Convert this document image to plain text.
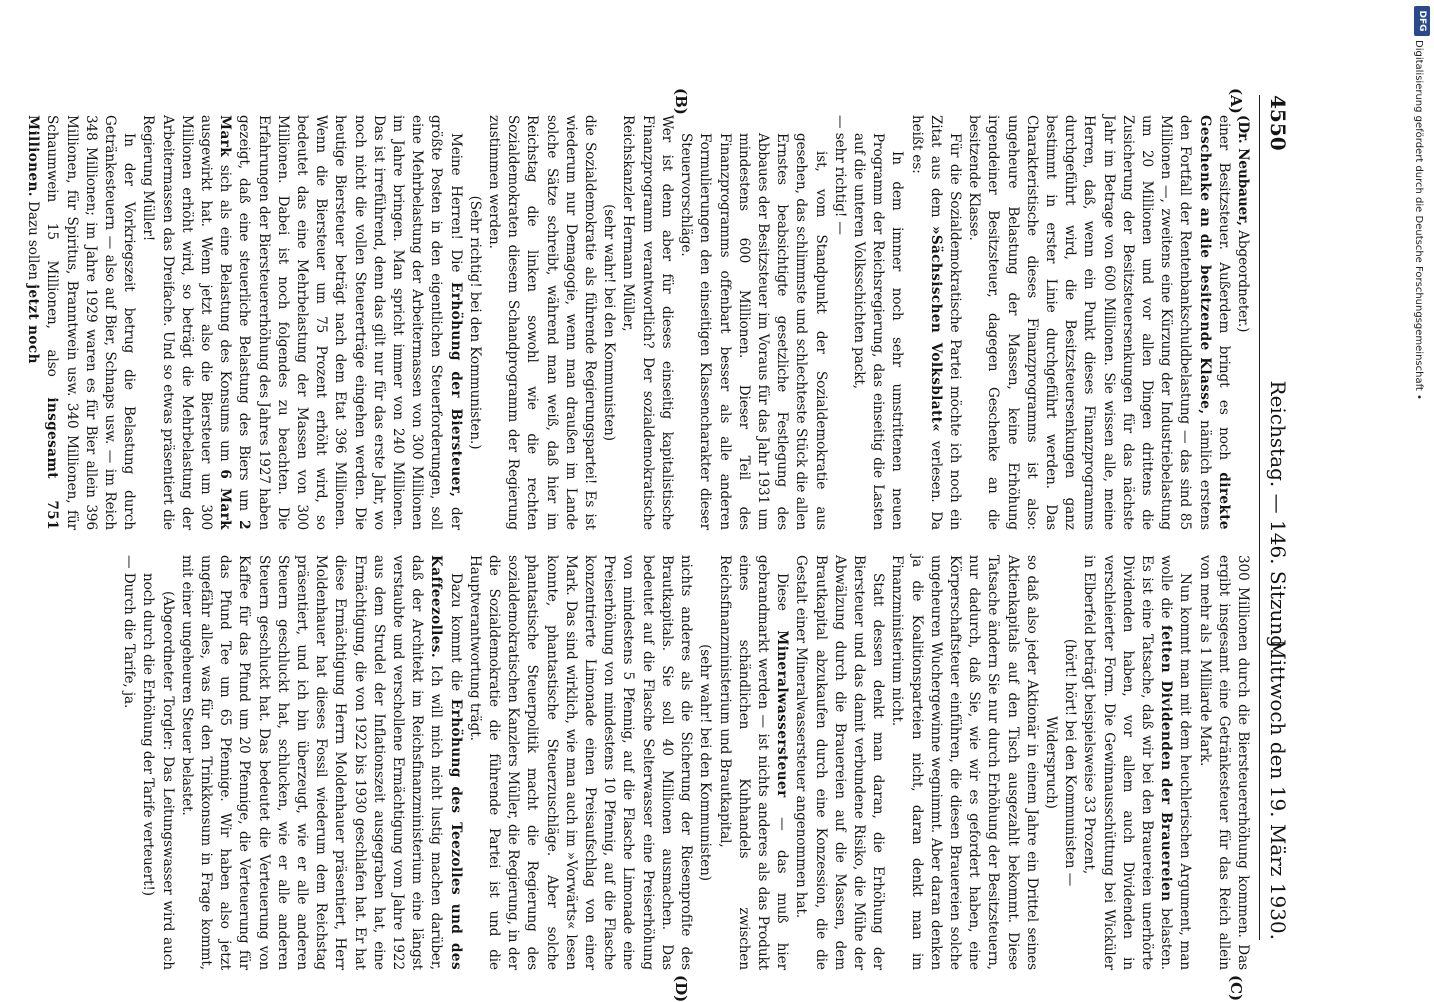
4550
Reichstag. — 146. Sitzung.
Mittwoch den 19. März 1930.
(A)
(B)
(C)
(D)

(Dr. Neubauer, Abgeordneter.)

einer Besitzsteuer. Außerdem bringt es noch direkte Geschenke an die besitzende Klasse, nämlich erstens den Fortfall der Rentenbankschuldbelastung — das sind 85 Millionen —, zweitens eine Kürzung der Industriebelastung um 20 Millionen und vor allen Dingen drittens die Zusicherung der Besitzsteuersenkungen für das nächste Jahr im Betrage von 600 Millionen. Sie wissen alle, meine Herren, daß, wenn ein Punkt dieses Finanzprogramms durchgeführt wird, die Besitzsteuersenkungen ganz bestimmt in erster Linie durchgeführt werden. Das Charakteristische dieses Finanzprogramms ist also: ungeheure Belastung der Massen, keine Erhöhung irgendeiner Besitzsteuer, dagegen Geschenke an die besitzende Klasse.

Für die Sozialdemokratische Partei möchte ich noch ein Zitat aus dem »Sächsischen Volksblatt« verlesen. Da heißt es:

In dem immer noch sehr umstrittenen neuen Programm der Reichsregierung, das einseitig die Lasten auf die unteren Volksschichten packt,

— sehr richtig! —

ist, vom Standpunkt der Sozialdemokratie aus gesehen, das schlimmste und schlechteste Stück die allen Ernstes beabsichtigte gesetzliche Festlegung des Abbaues der Besitzsteuer im Voraus für das Jahr 1931 um mindestens 600 Millionen. Dieser Teil des Finanzprogramms offenbart besser als alle anderen Formulierungen den einseitigen Klassencharakter dieser Steuervorschläge.

Wer ist denn aber für dieses einseitig kapitalistische Finanzprogramm verantwortlich? Der sozialdemokratische Reichskanzler Hermann Müller,

(sehr wahr! bei den Kommunisten)

die Sozialdemokratie als führende Regierungspartei! Es ist wiederum nur Demagogie, wenn man draußen im Lande solche Sätze schreibt, während man weiß, daß hier im Reichstag die linken sowohl wie die rechten Sozialdemokraten diesem Schandprogramm der Regierung zustimmen werden.

(Sehr richtig! bei den Kommunisten.)

Meine Herren! Die Erhöhung der Biersteuer, der größte Posten in den eigentlichen Steuerforderungen, soll eine Mehrbelastung der Arbeitermassen von 300 Millionen im Jahre bringen. Man spricht immer von 240 Millionen. Das ist irreführend, denn das gilt nur für das erste Jahr, wo noch nicht die vollen Steuererträge eingehen werden. Die heutige Biersteuer beträgt nach dem Etat 396 Millionen. Wenn die Biersteuer um 75 Prozent erhöht wird, so bedeutet das eine Mehrbelastung der Massen von 300 Millionen. Dabei ist noch folgendes zu beachten. Die Erfahrungen der Biersteuererhöhung des Jahres 1927 haben gezeigt, daß eine steuerliche Belastung des Biers um 2 Mark sich als eine Belastung des Konsums um 6 Mark ausgewirkt hat. Wenn jetzt also die Biersteuer um 300 Millionen erhöht wird, so beträgt die Mehrbelastung der Arbeitermassen das Dreifache. Und so etwas präsentiert die Regierung Müller!

In der Vorkriegszeit betrug die Belastung durch Getränkesteuern — also auf Bier, Schnaps usw. — im Reich 348 Millionen; im Jahre 1929 waren es für Bier allein 396 Millionen, für Spiritus, Branntwein usw. 340 Millionen, für Schaumwein 15 Millionen, also insgesamt 751 Millionen. Dazu sollen jetzt noch

300 Millionen durch die Biersteuererhöhung kommen. Das ergibt insgesamt eine Getränkesteuer für das Reich allein von mehr als 1 Milliarde Mark.

Nun kommt man mit dem heuchlerischen Argument, man wolle die fetten Dividenden der Brauereien belasten. Es ist eine Tatsache, daß wir bei den Brauereien unerhörte Dividenden haben, vor allem auch Dividenden in verschleierter Form. Die Gewinnausschüttung bei Wicküler in Elberfeld beträgt beispielsweise 33 Prozent,

(hört! hört! bei den Kommunisten —

Widerspruch)

so daß also jeder Aktionär in einem Jahre ein Drittel seines Aktienkapitals auf den Tisch ausgezahlt bekommt. Diese Tatsache ändern Sie nur durch Erhöhung der Besitzsteuern, nur dadurch, daß Sie, wie wir es gefordert haben, eine Körperschaftsteuer einführen, die diesen Brauereien solche ungeheuren Wuchergewinne wegnimmt. Aber daran denken ja die Koalitionsparteien nicht, daran denkt man im Finanzministerium nicht.

Statt dessen denkt man daran, die Erhöhung der Biersteuer und das damit verbundene Risiko, die Mühe der Abwälzung durch die Brauereien auf die Massen, dem Brautkapital abzukaufen durch eine Konzession, die die Gestalt einer Mineralwassersteuer angenommen hat.

Diese Mineralwassersteuer — das muß hier gebrandmarkt werden — ist nichts anderes als das Produkt eines schändlichen Kuhhandels zwischen Reichsfinanzministerium und Brautkapital,

(sehr wahr! bei den Kommunisten)

nichts anderes als die Sicherung der Riesenprofite des Brautkapitals. Sie soll 40 Millionen ausmachen. Das bedeutet auf die Flasche Selterwasser eine Preiserhöhung von mindestens 5 Pfennig, auf die Flasche Limonade eine Preiserhöhung von mindestens 10 Pfennig, auf die Flasche konzentrierte Limonade einen Preisaufschlag von einer Mark. Das sind wirklich, wie man auch im »Vorwärts« lesen konnte, phantastische Steuerzuschläge. Aber solche phantastische Steuerpolitik macht die Regierung des sozialdemokratischen Kanzlers Müller, die Regierung, in der die Sozialdemokratie die führende Partei ist und die Hauptverantwortung trägt.

Dazu kommt die Erhöhung des Teezolles und des Kaffeezolles. Ich will mich nicht lustig machen darüber, daß der Architekt im Reichsfinanzministerium eine längst verstaubte und verschollene Ermächtigung vom Jahre 1922 aus dem Strudel der Inflationszeit ausgegraben hat, eine Ermächtigung, die von 1922 bis 1930 geschlafen hat. Er hat diese Ermächtigung Herrn Moldenhauer präsentiert, Herr Moldenhauer hat dieses Fossil wiederum dem Reichstag präsentiert, und ich bin überzeugt, wie er alle anderen Steuern geschluckt hat, schlucken, wie er alle anderen Steuern geschluckt hat. Das bedeutet die Verteuerung von Kaffee für das Pfund um 20 Pfennige, die Verteuerung für das Pfund Tee um 65 Pfennige. Wir haben also jetzt ungefähr alles, was für den Trinkkonsum in Frage kommt, mit einer ungeheuren Steuer belastet.

(Abgeordneter Torgler: Das Leitungswasser wird auch noch durch die Erhöhung der Tarife verteuert!)

— Durch die Tarife, ja.

DFG
Digitalisierung gefördert durch die Deutsche Forschungsgemeinschaft •
